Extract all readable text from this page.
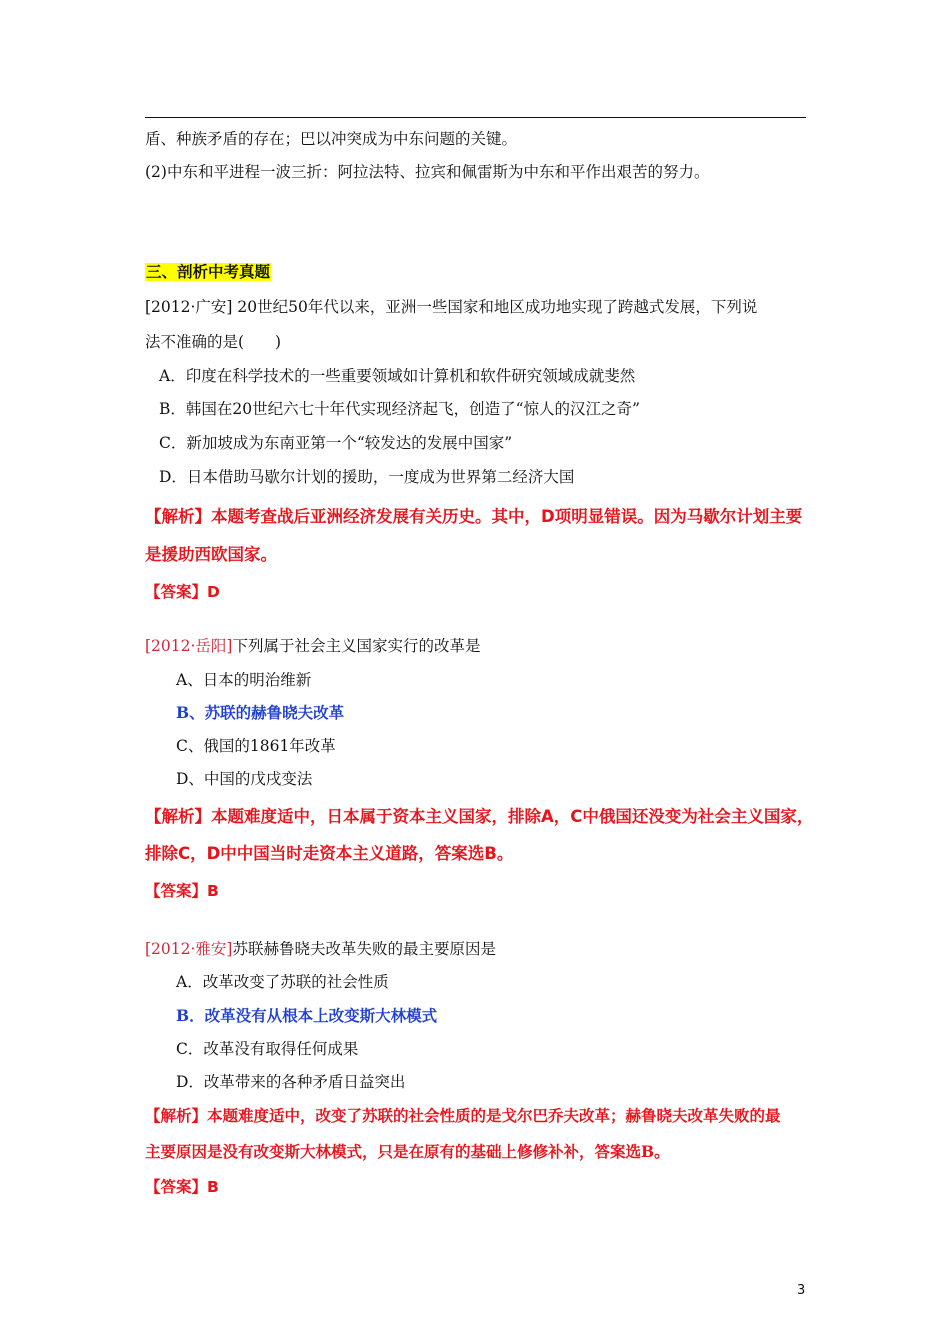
盾、种族矛盾的存在；巴以冲突成为中东问题的关键。
(2)中东和平进程一波三折：阿拉法特、拉宾和佩雷斯为中东和平作出艰苦的努力。
三、剖析中考真题
[2012·广安] 20世纪50年代以来，亚洲一些国家和地区成功地实现了跨越式发展，下列说
法不准确的是(　　)
A．印度在科学技术的一些重要领域如计算机和软件研究领域成就斐然
B．韩国在20世纪六七十年代实现经济起飞，创造了“惊人的汉江之奇”
C．新加坡成为东南亚第一个“较发达的发展中国家”
D．日本借助马歇尔计划的援助，一度成为世界第二经济大国
【解析】本题考查战后亚洲经济发展有关历史。其中，D项明显错误。因为马歇尔计划主要
是援助西欧国家。
【答案】D
[2012·岳阳]下列属于社会主义国家实行的改革是
A、日本的明治维新
B、苏联的赫鲁晓夫改革
C、俄国的1861年改革
D、中国的戊戌变法
【解析】本题难度适中，日本属于资本主义国家，排除A，C中俄国还没变为社会主义国家，
排除C，D中中国当时走资本主义道路，答案选B。
【答案】B
[2012·雅安]苏联赫鲁晓夫改革失败的最主要原因是
A．改革改变了苏联的社会性质
B．改革没有从根本上改变斯大林模式
C．改革没有取得任何成果
D．改革带来的各种矛盾日益突出
【解析】本题难度适中，改变了苏联的社会性质的是戈尔巴乔夫改革；赫鲁晓夫改革失败的最
主要原因是没有改变斯大林模式，只是在原有的基础上修修补补，答案选B。
【答案】B
3
